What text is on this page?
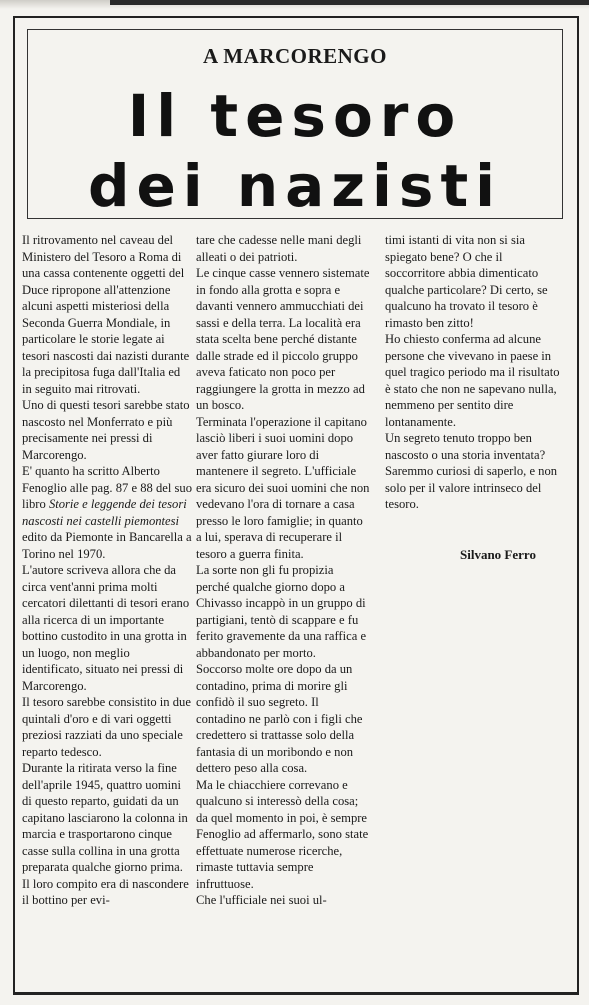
A MARCORENGO
Il tesoro
dei nazisti

Il ritrovamento nel caveau del Ministero del Tesoro a Roma di una cassa contenente oggetti del Duce ripropone all'attenzione alcuni aspetti misteriosi della Seconda Guerra Mondiale, in particolare le storie legate ai tesori nascosti dai nazisti durante la precipitosa fuga dall'Italia ed in seguito mai ritrovati.

Uno di questi tesori sarebbe stato nascosto nel Monferrato e più precisamente nei pressi di Marcorengo.

E' quanto ha scritto Alberto Fenoglio alle pag. 87 e 88 del suo libro Storie e leggende dei tesori nascosti nei castelli piemontesi edito da Piemonte in Bancarella a Torino nel 1970.

L'autore scriveva allora che da circa vent'anni prima molti cercatori dilettanti di tesori erano alla ricerca di un importante bottino custodito in una grotta in un luogo, non meglio identificato, situato nei pressi di Marcorengo.

Il tesoro sarebbe consistito in due quintali d'oro e di vari oggetti preziosi razziati da uno speciale reparto tedesco.

Durante la ritirata verso la fine dell'aprile 1945, quattro uomini di questo reparto, guidati da un capitano lasciarono la colonna in marcia e trasportarono cinque casse sulla collina in una grotta preparata qualche giorno prima.

Il loro compito era di nascondere il bottino per evi-

tare che cadesse nelle mani degli alleati o dei patrioti.

Le cinque casse vennero sistemate in fondo alla grotta e sopra e davanti vennero ammucchiati dei sassi e della terra. La località era stata scelta bene perché distante dalle strade ed il piccolo gruppo aveva faticato non poco per raggiungere la grotta in mezzo ad un bosco.

Terminata l'operazione il capitano lasciò liberi i suoi uomini dopo aver fatto giurare loro di mantenere il segreto. L'ufficiale era sicuro dei suoi uomini che non vedevano l'ora di tornare a casa presso le loro famiglie; in quanto a lui, sperava di recuperare il tesoro a guerra finita.

La sorte non gli fu propizia perché qualche giorno dopo a Chivasso incappò in un gruppo di partigiani, tentò di scappare e fu ferito gravemente da una raffica e abbandonato per morto.

Soccorso molte ore dopo da un contadino, prima di morire gli confidò il suo segreto. Il contadino ne parlò con i figli che credettero si trattasse solo della fantasia di un moribondo e non dettero peso alla cosa.

Ma le chiacchiere correvano e qualcuno si interessò della cosa; da quel momento in poi, è sempre Fenoglio ad affermarlo, sono state effettuate numerose ricerche, rimaste tuttavia sempre infruttuose.

Che l'ufficiale nei suoi ul-

timi istanti di vita non si sia spiegato bene? O che il soccorritore abbia dimenticato qualche particolare? Di certo, se qualcuno ha trovato il tesoro è rimasto ben zitto!

Ho chiesto conferma ad alcune persone che vivevano in paese in quel tragico periodo ma il risultato è stato che non ne sapevano nulla, nemmeno per sentito dire lontanamente.

Un segreto tenuto troppo ben nascosto o una storia inventata? Saremmo curiosi di saperlo, e non solo per il valore intrinseco del tesoro.

Silvano Ferro
